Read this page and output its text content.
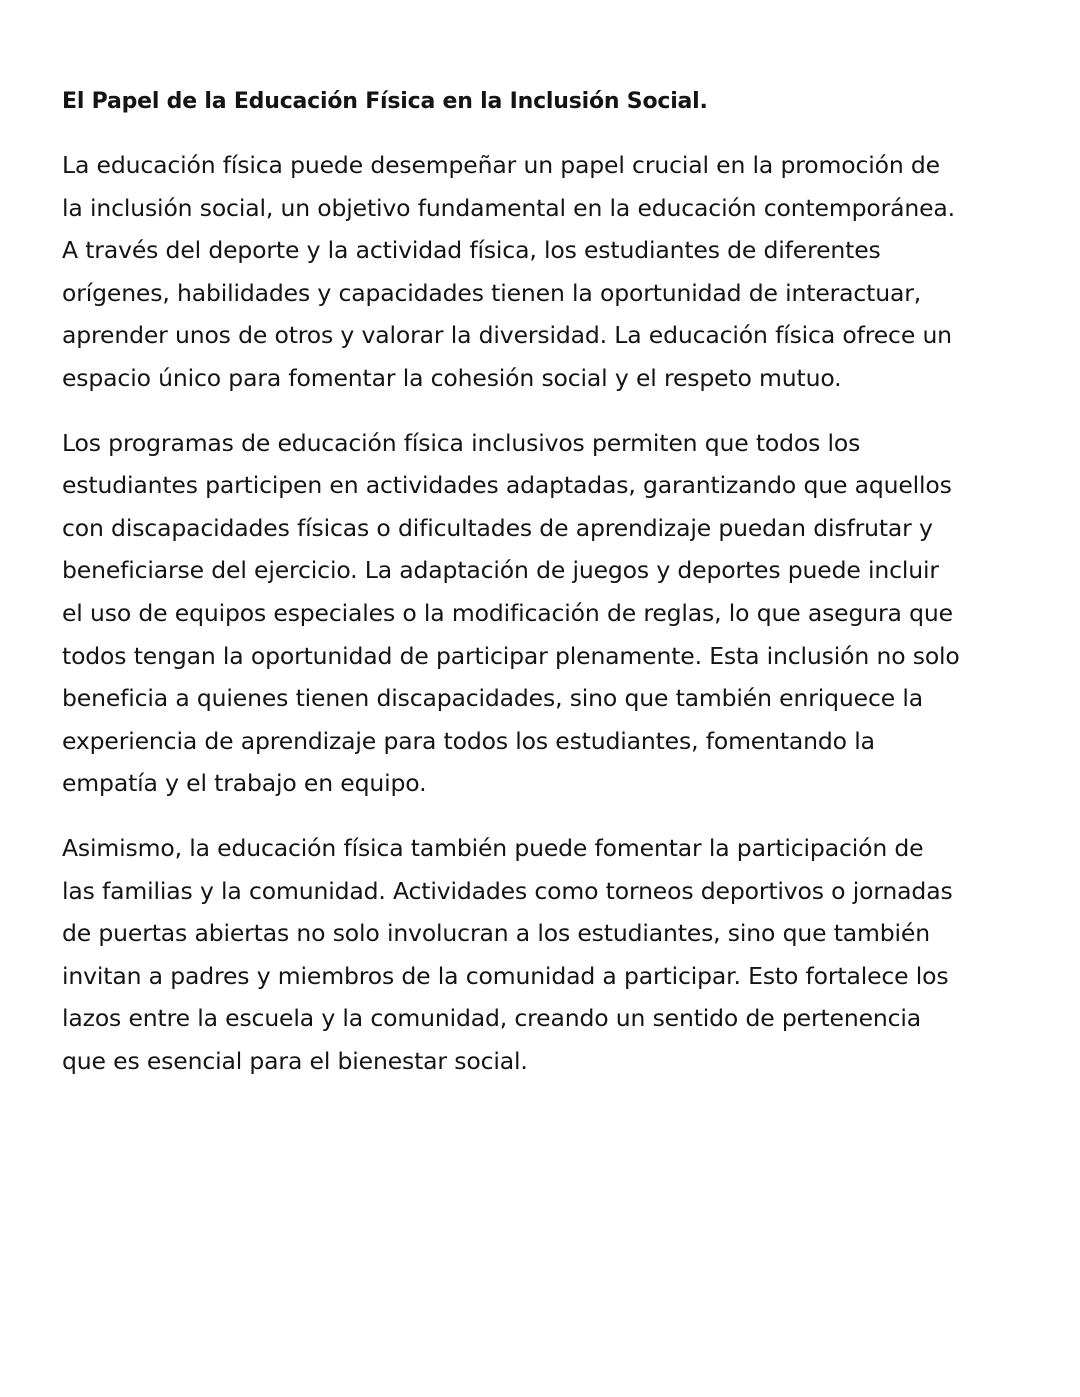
El Papel de la Educación Física en la Inclusión Social.

La educación física puede desempeñar un papel crucial en la promoción de la inclusión social, un objetivo fundamental en la educación contemporánea. A través del deporte y la actividad física, los estudiantes de diferentes orígenes, habilidades y capacidades tienen la oportunidad de interactuar, aprender unos de otros y valorar la diversidad. La educación física ofrece un espacio único para fomentar la cohesión social y el respeto mutuo.

Los programas de educación física inclusivos permiten que todos los estudiantes participen en actividades adaptadas, garantizando que aquellos con discapacidades físicas o dificultades de aprendizaje puedan disfrutar y beneficiarse del ejercicio. La adaptación de juegos y deportes puede incluir el uso de equipos especiales o la modificación de reglas, lo que asegura que todos tengan la oportunidad de participar plenamente. Esta inclusión no solo beneficia a quienes tienen discapacidades, sino que también enriquece la experiencia de aprendizaje para todos los estudiantes, fomentando la empatía y el trabajo en equipo.

Asimismo, la educación física también puede fomentar la participación de las familias y la comunidad. Actividades como torneos deportivos o jornadas de puertas abiertas no solo involucran a los estudiantes, sino que también invitan a padres y miembros de la comunidad a participar. Esto fortalece los lazos entre la escuela y la comunidad, creando un sentido de pertenencia que es esencial para el bienestar social.
